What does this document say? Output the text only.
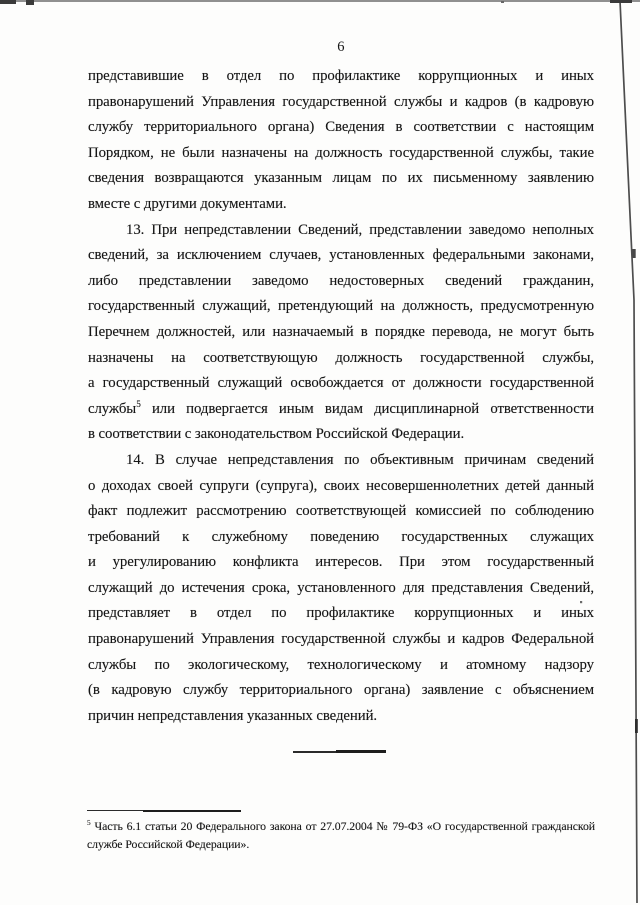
6
представившие в отдел по профилактике коррупционных и иных
правонарушений Управления государственной службы и кадров (в кадровую
службу территориального органа) Сведения в соответствии с настоящим
Порядком, не были назначены на должность государственной службы, такие
сведения возвращаются указанным лицам по их письменному заявлению
вместе с другими документами.
13. При непредставлении Сведений, представлении заведомо неполных
сведений, за исключением случаев, установленных федеральными законами,
либо представлении заведомо недостоверных сведений гражданин,
государственный служащий, претендующий на должность, предусмотренную
Перечнем должностей, или назначаемый в порядке перевода, не могут быть
назначены на соответствующую должность государственной службы,
а государственный служащий освобождается от должности государственной
службы$^5$ или подвергается иным видам дисциплинарной ответственности
в соответствии с законодательством Российской Федерации.
14. В случае непредставления по объективным причинам сведений
о доходах своей супруги (супруга), своих несовершеннолетних детей данный
факт подлежит рассмотрению соответствующей комиссией по соблюдению
требований к служебному поведению государственных служащих
и урегулированию конфликта интересов. При этом государственный
служащий до истечения срока, установленного для представления Сведений,
представляет в отдел по профилактике коррупционных и иных
правонарушений Управления государственной службы и кадров Федеральной
службы по экологическому, технологическому и атомному надзору
(в кадровую службу территориального органа) заявление с объяснением
причин непредставления указанных сведений.
$^5$ Часть 6.1 статьи 20 Федерального закона от 27.07.2004 № 79-ФЗ «О государственной гражданской
службе Российской Федерации».
